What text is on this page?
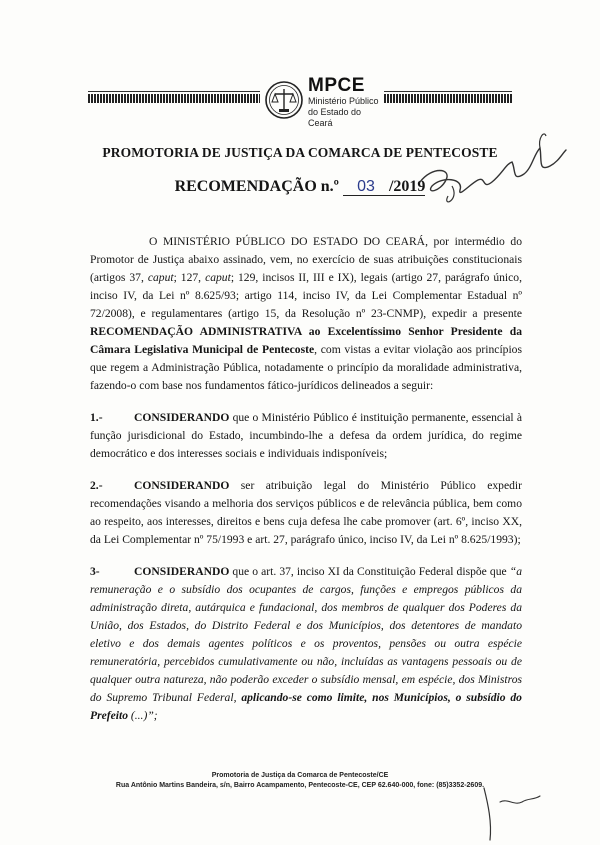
MPCE
Ministério Público
do Estado do Ceará
PROMOTORIA DE JUSTIÇA DA COMARCA DE PENTECOSTE
RECOMENDAÇÃO n.º 03 /2019

O MINISTÉRIO PÚBLICO DO ESTADO DO CEARÁ, por intermédio do Promotor de Justiça abaixo assinado, vem, no exercício de suas atribuições constitucionais (artigos 37, caput; 127, caput; 129, incisos II, III e IX), legais (artigo 27, parágrafo único, inciso IV, da Lei nº 8.625/93; artigo 114, inciso IV, da Lei Complementar Estadual nº 72/2008), e regulamentares (artigo 15, da Resolução nº 23-CNMP), expedir a presente RECOMENDAÇÃO ADMINISTRATIVA ao Excelentíssimo Senhor Presidente da Câmara Legislativa Municipal de Pentecoste, com vistas a evitar violação aos princípios que regem a Administração Pública, notadamente o princípio da moralidade administrativa, fazendo-o com base nos fundamentos fático-jurídicos delineados a seguir:

1.-	CONSIDERANDO que o Ministério Público é instituição permanente, essencial à função jurisdicional do Estado, incumbindo-lhe a defesa da ordem jurídica, do regime democrático e dos interesses sociais e individuais indisponíveis;

2.-	CONSIDERANDO ser atribuição legal do Ministério Público expedir recomendações visando a melhoria dos serviços públicos e de relevância pública, bem como ao respeito, aos interesses, direitos e bens cuja defesa lhe cabe promover (art. 6º, inciso XX, da Lei Complementar nº 75/1993 e art. 27, parágrafo único, inciso IV, da Lei nº 8.625/1993);

3-	CONSIDERANDO que o art. 37, inciso XI da Constituição Federal dispõe que “a remuneração e o subsídio dos ocupantes de cargos, funções e empregos públicos da administração direta, autárquica e fundacional, dos membros de qualquer dos Poderes da União, dos Estados, do Distrito Federal e dos Municípios, dos detentores de mandato eletivo e dos demais agentes políticos e os proventos, pensões ou outra espécie remuneratória, percebidos cumulativamente ou não, incluídas as vantagens pessoais ou de qualquer outra natureza, não poderão exceder o subsídio mensal, em espécie, dos Ministros do Supremo Tribunal Federal, aplicando-se como limite, nos Municípios, o subsídio do Prefeito (...)”;

Promotoria de Justiça da Comarca de Pentecoste/CE
Rua Antônio Martins Bandeira, s/n, Bairro Acampamento, Pentecoste-CE, CEP 62.640-000, fone: (85)3352-2609.
